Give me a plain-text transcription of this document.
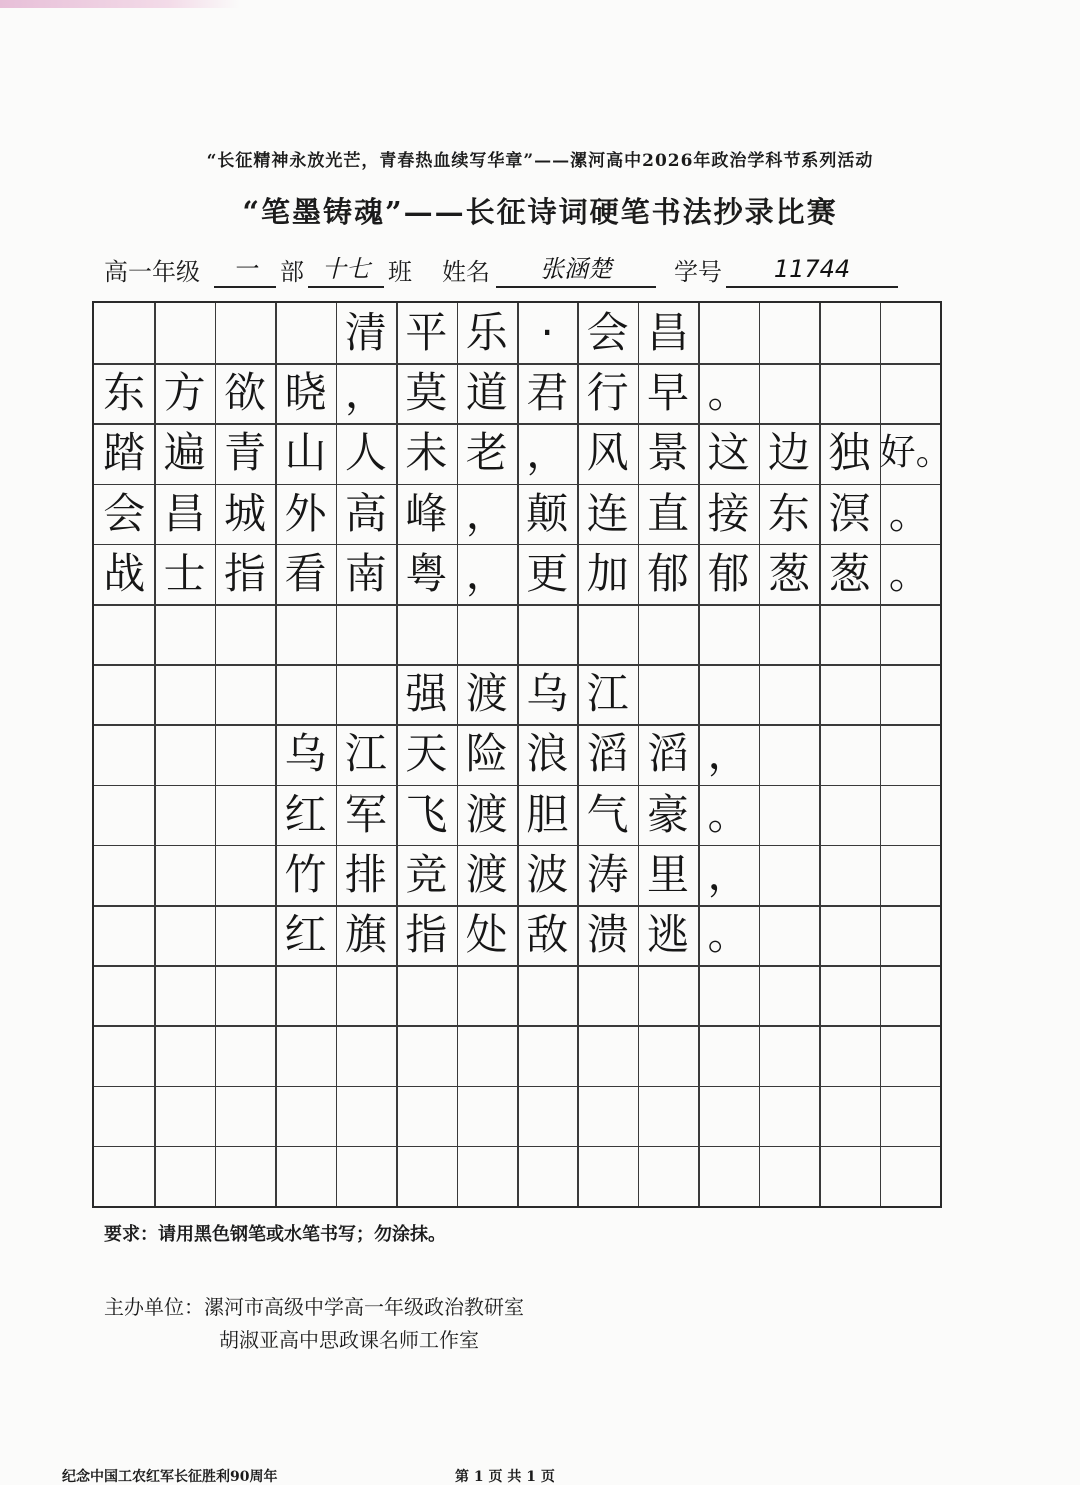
“长征精神永放光芒，青春热血续写华章”——漯河高中2026年政治学科节系列活动
“笔墨铸魂”——长征诗词硬笔书法抄录比赛
高一年级	一 部 十七 班 姓名	张涵楚	学号	11744
清 平 乐 · 会 昌
东 方 欲 晓 ， 莫 道 君 行 早 。
踏 遍 青 山 人 未 老 ， 风 景 这 边 独 好。
会 昌 城 外 高 峰 ， 颠 连 直 接 东 溟 。
战 士 指 看 南 粤 ， 更 加 郁 郁 葱 葱 。
强 渡 乌 江
乌 江 天 险 浪 滔 滔 ，
红 军 飞 渡 胆 气 豪 。
竹 排 竞 渡 波 涛 里 ，
红 旗 指 处 敌 溃 逃 。
要求：请用黑色钢笔或水笔书写；勿涂抹。
主办单位：漯河市高级中学高一年级政治教研室
胡淑亚高中思政课名师工作室
纪念中国工农红军长征胜利90周年	第 1 页 共 1 页
